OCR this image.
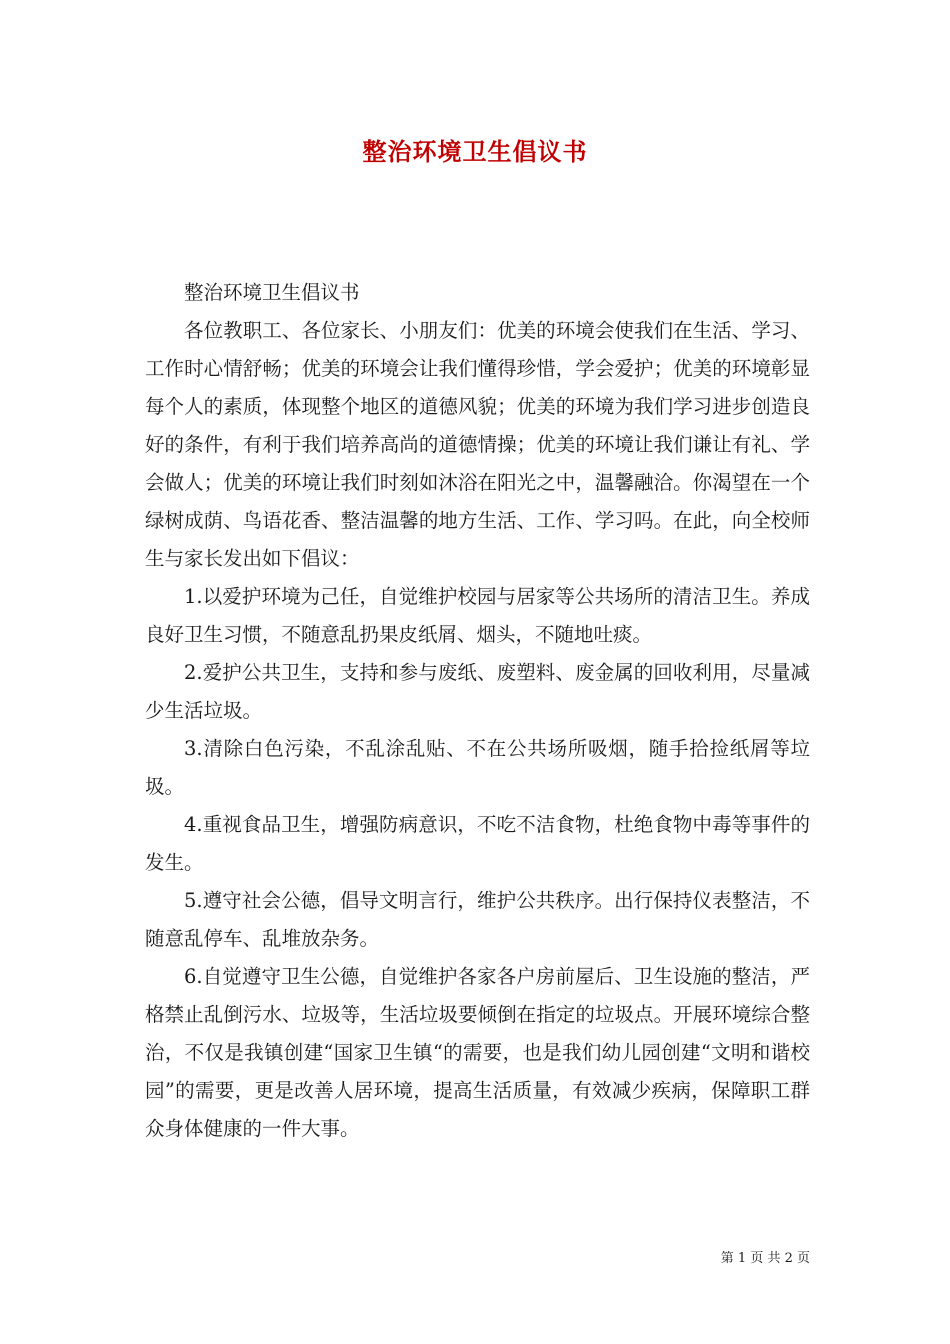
整治环境卫生倡议书

整治环境卫生倡议书

各位教职工、各位家长、小朋友们：优美的环境会使我们在生活、学习、工作时心情舒畅；优美的环境会让我们懂得珍惜，学会爱护；优美的环境彰显每个人的素质，体现整个地区的道德风貌；优美的环境为我们学习进步创造良好的条件，有利于我们培养高尚的道德情操；优美的环境让我们谦让有礼、学会做人；优美的环境让我们时刻如沐浴在阳光之中，温馨融洽。你渴望在一个绿树成荫、鸟语花香、整洁温馨的地方生活、工作、学习吗。在此，向全校师生与家长发出如下倡议：

1.以爱护环境为己任，自觉维护校园与居家等公共场所的清洁卫生。养成良好卫生习惯，不随意乱扔果皮纸屑、烟头，不随地吐痰。

2.爱护公共卫生，支持和参与废纸、废塑料、废金属的回收利用，尽量减少生活垃圾。

3.清除白色污染，不乱涂乱贴、不在公共场所吸烟，随手拾捡纸屑等垃圾。

4.重视食品卫生，增强防病意识，不吃不洁食物，杜绝食物中毒等事件的发生。

5.遵守社会公德，倡导文明言行，维护公共秩序。出行保持仪表整洁，不随意乱停车、乱堆放杂务。

6.自觉遵守卫生公德，自觉维护各家各户房前屋后、卫生设施的整洁，严格禁止乱倒污水、垃圾等，生活垃圾要倾倒在指定的垃圾点。开展环境综合整治，不仅是我镇创建“国家卫生镇“的需要，也是我们幼儿园创建“文明和谐校园”的需要，更是改善人居环境，提高生活质量，有效减少疾病，保障职工群众身体健康的一件大事。

第 1 页 共 2 页
